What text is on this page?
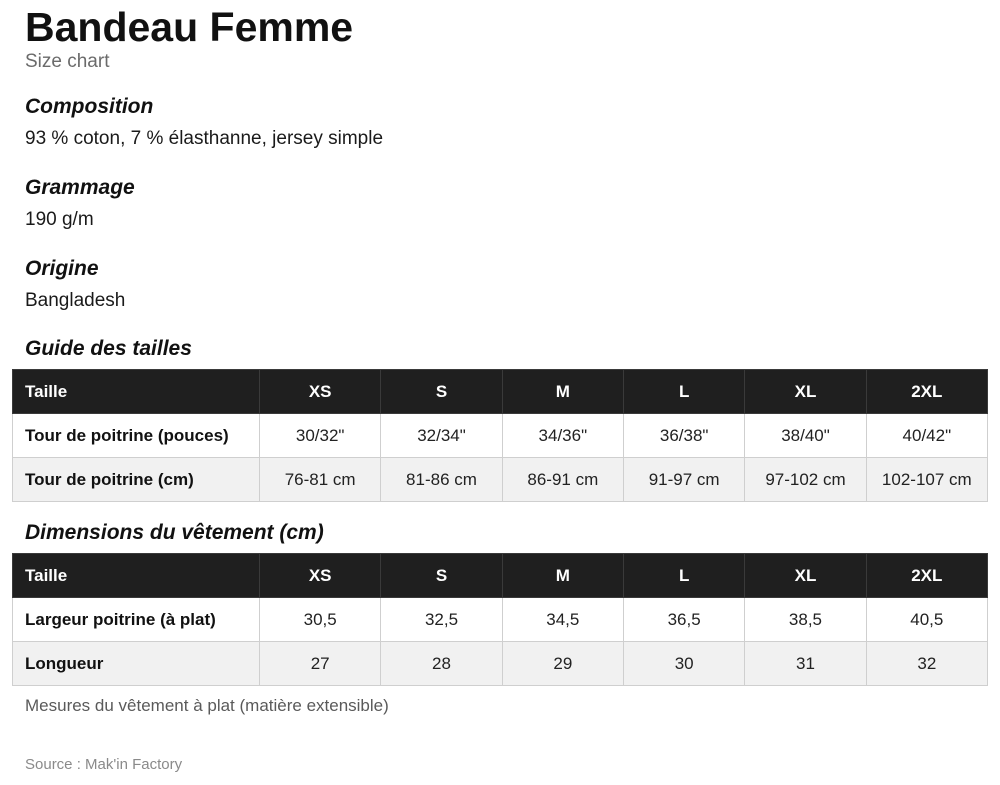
Bandeau Femme
Size chart
Composition
93 % coton, 7 % élasthanne, jersey simple
Grammage
190 g/m
Origine
Bangladesh
Guide des tailles
Taille	XS	S	M	L	XL	2XL
Tour de poitrine (pouces)	30/32"	32/34"	34/36"	36/38"	38/40"	40/42"
Tour de poitrine (cm)	76-81 cm	81-86 cm	86-91 cm	91-97 cm	97-102 cm	102-107 cm
Dimensions du vêtement (cm)
Taille	XS	S	M	L	XL	2XL
Largeur poitrine (à plat)	30,5	32,5	34,5	36,5	38,5	40,5
Longueur	27	28	29	30	31	32
Mesures du vêtement à plat (matière extensible)
Source : Mak'in Factory
